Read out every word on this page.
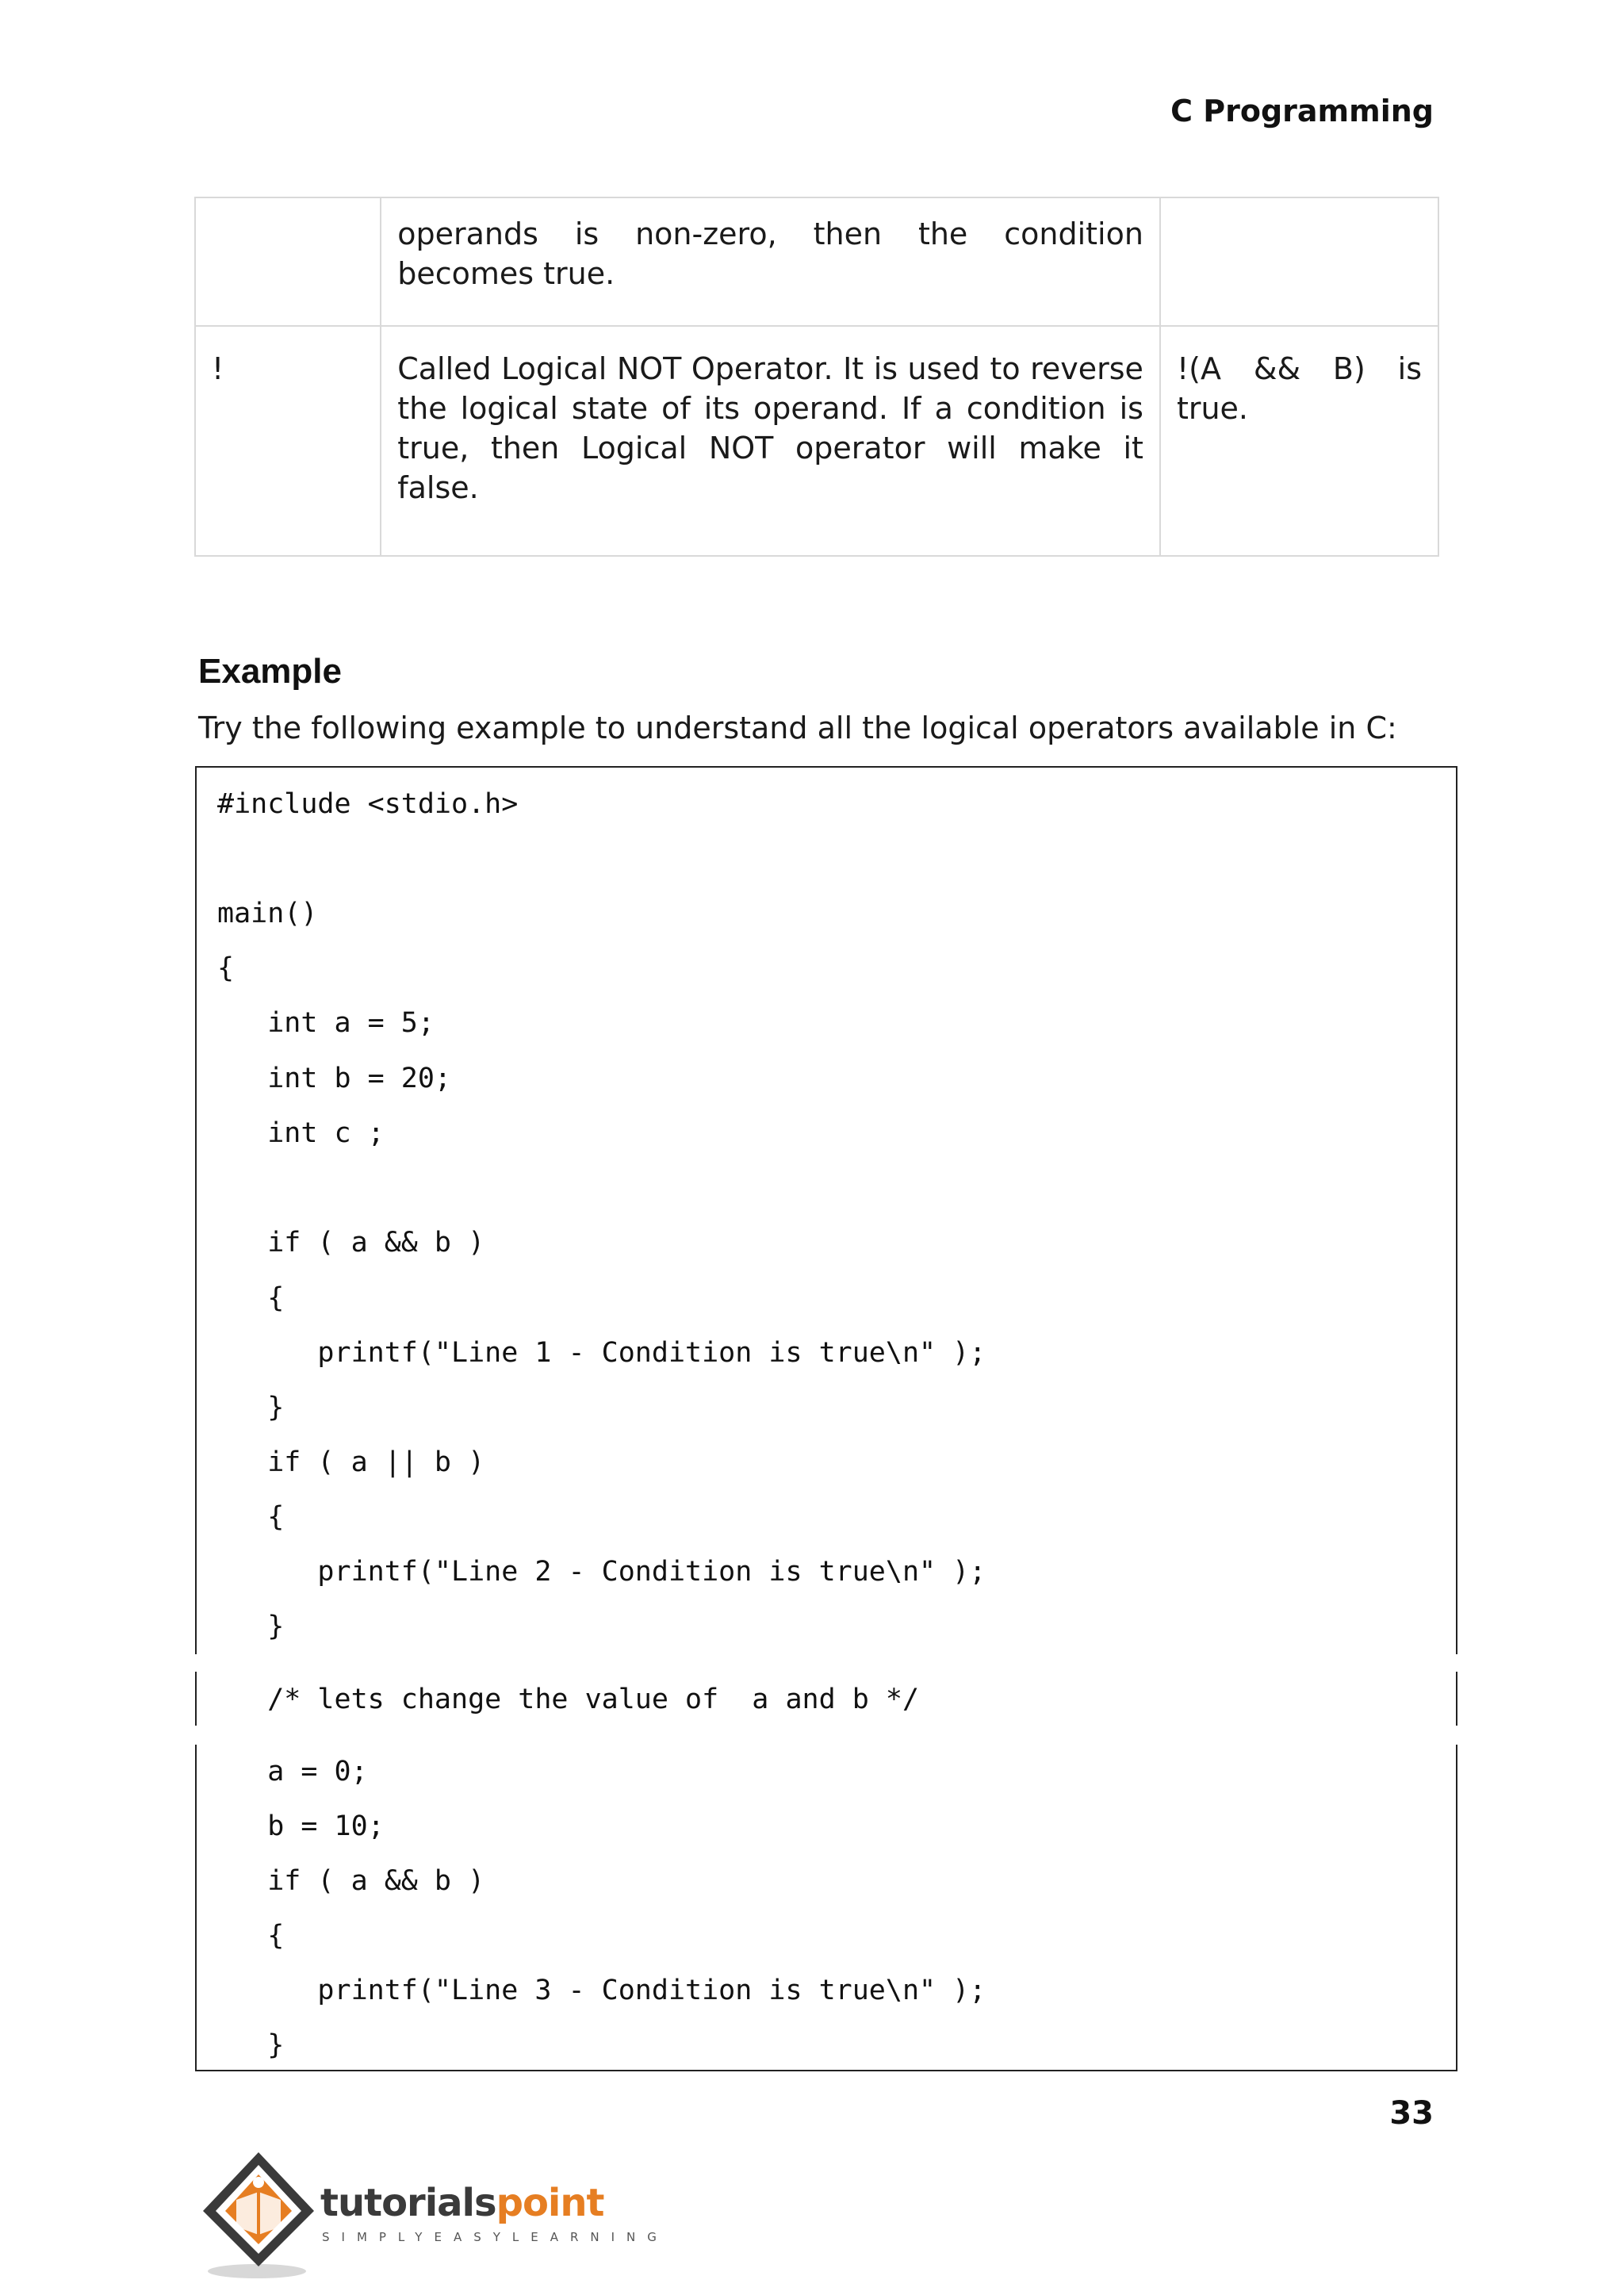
C Programming
	operands is non-zero, then the condition becomes true.	
!	Called Logical NOT Operator. It is used to reverse the logical state of its operand. If a condition is true, then Logical NOT operator will make it false.	!(A && B) is true.
Example
Try the following example to understand all the logical operators available in C:
#include <stdio.h>
main()
{
int a = 5;
int b = 20;
int c ;
if ( a && b )
{
printf("Line 1 - Condition is true\n" );
}
if ( a || b )
{
printf("Line 2 - Condition is true\n" );
}
/* lets change the value of  a and b */
a = 0;
b = 10;
if ( a && b )
{
printf("Line 3 - Condition is true\n" );
}
33
tutorialspoint
SIMPLYEASYLEARNING
